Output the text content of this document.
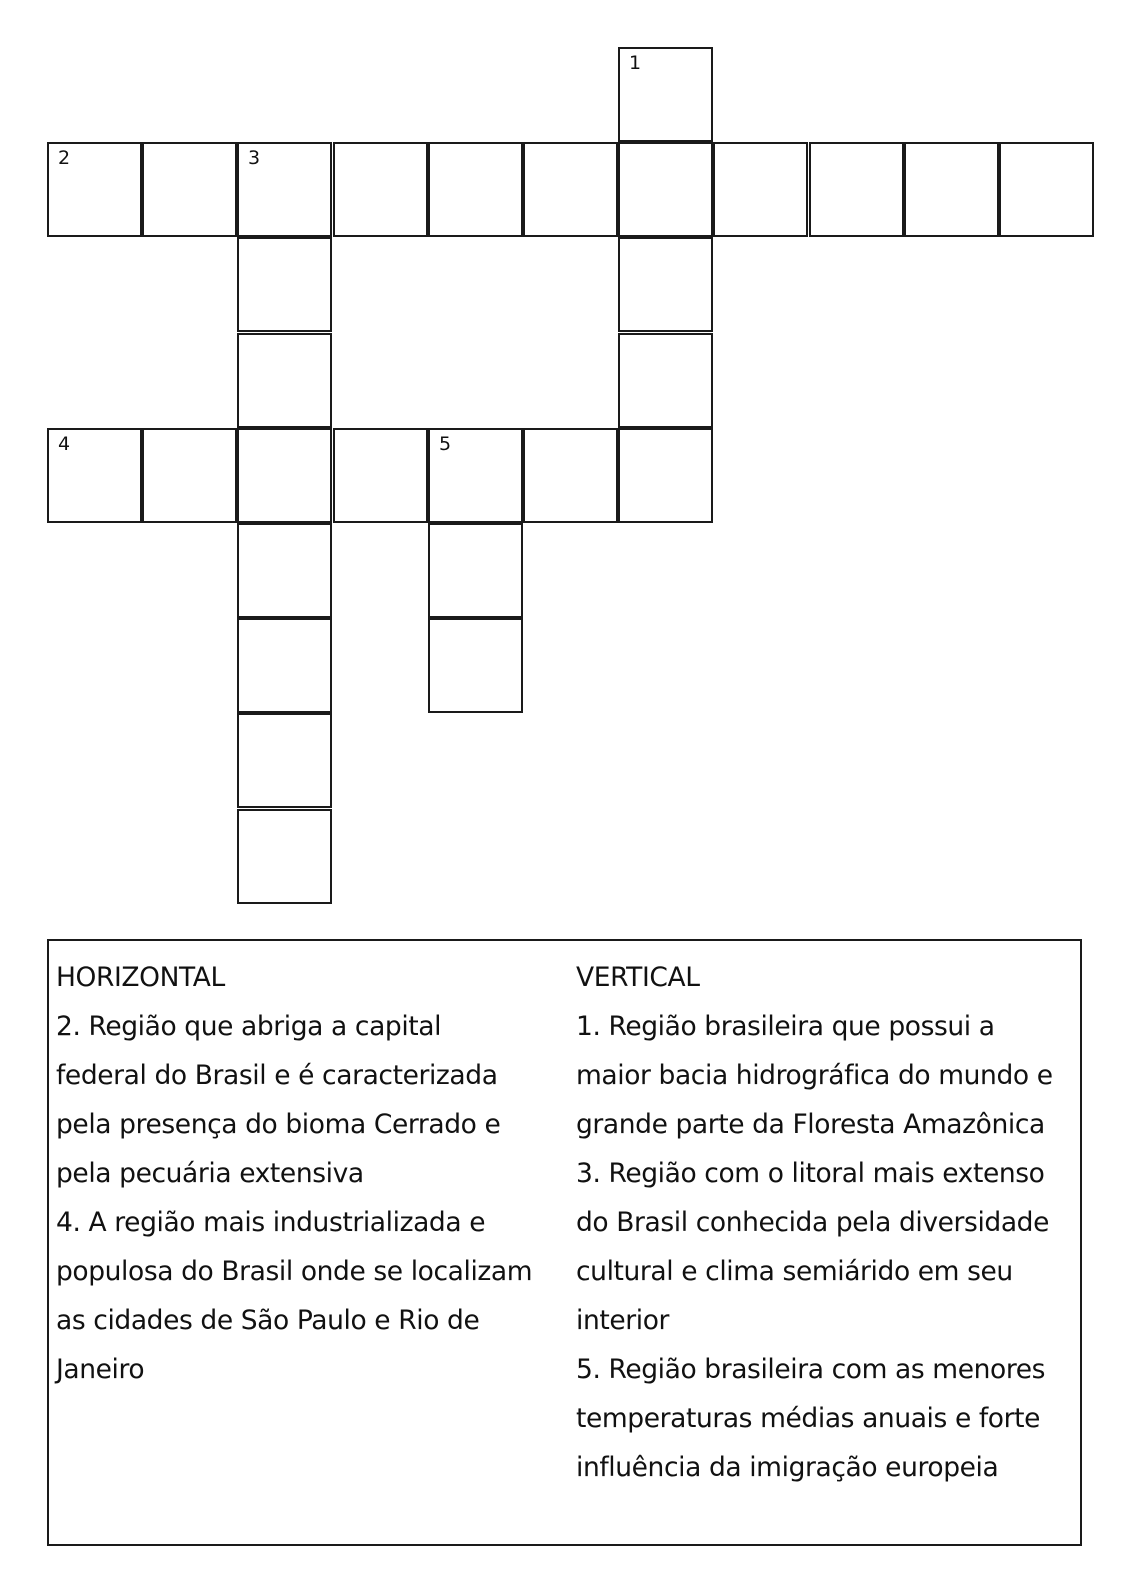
1
2	3
4	5
HORIZONTAL
2. Região que abriga a capital
federal do Brasil e é caracterizada
pela presença do bioma Cerrado e
pela pecuária extensiva
4. A região mais industrializada e
populosa do Brasil onde se localizam
as cidades de São Paulo e Rio de
Janeiro
VERTICAL
1. Região brasileira que possui a
maior bacia hidrográfica do mundo e
grande parte da Floresta Amazônica
3. Região com o litoral mais extenso
do Brasil conhecida pela diversidade
cultural e clima semiárido em seu
interior
5. Região brasileira com as menores
temperaturas médias anuais e forte
influência da imigração europeia
